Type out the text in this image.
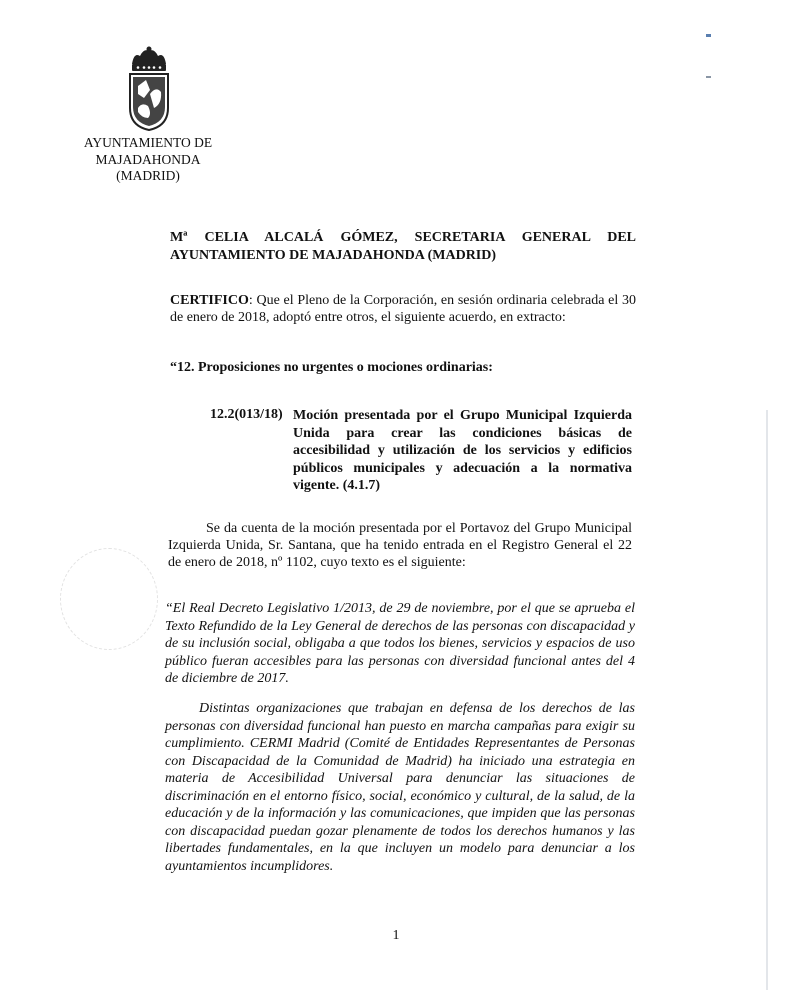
AYUNTAMIENTO DE
MAJADAHONDA
(MADRID)
Mª CELIA ALCALÁ GÓMEZ, SECRETARIA GENERAL DEL
AYUNTAMIENTO DE MAJADAHONDA (MADRID)
CERTIFICO: Que el Pleno de la Corporación, en sesión ordinaria celebrada el 30 de enero de 2018, adoptó entre otros, el siguiente acuerdo, en extracto:
“12. Proposiciones no urgentes o mociones ordinarias:
12.2(013/18) Moción presentada por el Grupo Municipal Izquierda Unida para crear las condiciones básicas de accesibilidad y utilización de los servicios y edificios públicos municipales y adecuación a la normativa vigente. (4.1.7)
Se da cuenta de la moción presentada por el Portavoz del Grupo Municipal
Izquierda Unida, Sr. Santana, que ha tenido entrada en el Registro General el 22 de enero de 2018, nº 1102, cuyo texto es el siguiente:
“El Real Decreto Legislativo 1/2013, de 29 de noviembre, por el que se aprueba el Texto Refundido de la Ley General de derechos de las personas con discapacidad y de su inclusión social, obligaba a que todos los bienes, servicios y espacios de uso público fueran accesibles para las personas con diversidad funcional antes del 4 de diciembre de 2017.
Distintas organizaciones que trabajan en defensa de los derechos de las personas con diversidad funcional han puesto en marcha campañas para exigir su cumplimiento. CERMI Madrid (Comité de Entidades Representantes de Personas con Discapacidad de la Comunidad de Madrid) ha iniciado una estrategia en materia de Accesibilidad Universal para denunciar las situaciones de discriminación en el entorno físico, social, económico y cultural, de la salud, de la educación y de la información y las comunicaciones, que impiden que las personas con discapacidad puedan gozar plenamente de todos los derechos humanos y las libertades fundamentales, en la que incluyen un modelo para denunciar a los ayuntamientos incumplidores.
1
